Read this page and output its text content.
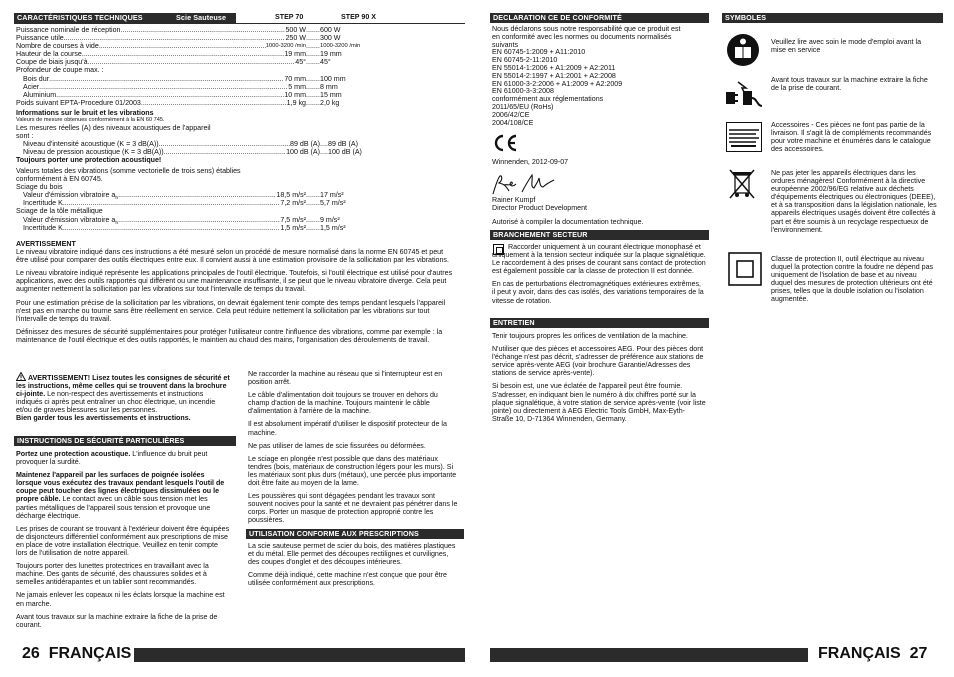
CARACTÉRISTIQUES TECHNIQUES	Scie Sauteuse	STEP 70	STEP 90 X
Puissance nominale de réception .....	500 W ..... 600 W
Puissance utile .....	250 W ..... 300 W
Nombre de courses à vide .....	1000-3200 /min ..... 1000-3200 /min
Hauteur de la course .....	19 mm ..... 19 mm
Coupe de biais jusqu'à .....	45° ..... 45°
Profondeur de coupe max. :
Bois dur .....	70 mm ..... 100 mm
Acier .....	5 mm ..... 8 mm
Aluminium .....	10 mm ..... 15 mm
Poids suivant EPTA-Procedure 01/2003 .....	1,9 kg ..... 2,0 kg
Informations sur le bruit et les vibrations
Valeurs de mesure obtenues conformément à la EN 60 745.
Les mesures réelles (A) des niveaux acoustiques de l'appareil sont :
Niveau d'intensité acoustique (K = 3 dB(A)) .....	89 dB (A) ..... 89 dB (A)
Niveau de pression acoustique (K = 3 dB(A)) .....	100 dB (A) ..... 100 dB (A)
Toujours porter une protection acoustique!
Valeurs totales des vibrations (somme vectorielle de trois sens) établies conformément à EN 60745.
Sciage du bois
Valeur d'émission vibratoire $a_h$ .....	18,5 m/s² ..... 17 m/s²
Incertitude K .....	7,2 m/s² ..... 5,7 m/s²
Sciage de la tôle métallique
Valeur d'émission vibratoire $a_h$ .....	7,5 m/s² ..... 9 m/s²
Incertitude K .....	1,5 m/s² ..... 1,5 m/s²
AVERTISSEMENT

Le niveau vibratoire indiqué dans ces instructions a été mesuré selon un procédé de mesure normalisé dans la norme EN 60745 et peut être utilisé pour comparer des outils électriques entre eux. Il convient aussi à une estimation provisoire de la sollicitation par les vibrations.

Le niveau vibratoire indiqué représente les applications principales de l'outil électrique. Toutefois, si l'outil électrique est utilisé pour d'autres applications, avec des outils rapportés qui diffèrent ou une maintenance insuffisante, il se peut que le niveau vibratoire diverge. Cela peut augmenter nettement la sollicitation par les vibrations sur tout l'intervalle de temps du travail.

Pour une estimation précise de la sollicitation par les vibrations, on devrait également tenir compte des temps pendant lesquels l'appareil n'est pas en marche ou tourne sans être réellement en service. Cela peut réduire nettement la sollicitation par les vibrations sur tout l'intervalle de temps du travail.

Définissez des mesures de sécurité supplémentaires pour protéger l'utilisateur contre l'influence des vibrations, comme par exemple : la maintenance de l'outil électrique et des outils rapportés, le maintien au chaud des mains, l'organisation des déroulements de travail.

AVERTISSEMENT! Lisez toutes les consignes de sécurité et les instructions, même celles qui se trouvent dans la brochure ci-jointe. Le non-respect des avertissements et instructions indiqués ci après peut entraîner un choc électrique, un incendie et/ou de graves blessures sur les personnes.
Bien garder tous les avertissements et instructions.

INSTRUCTIONS DE SÉCURITÉ PARTICULIÈRES

Portez une protection acoustique. L'influence du bruit peut provoquer la surdité.

Maintenez l'appareil par les surfaces de poignée isolées lorsque vous exécutez des travaux pendant lesquels l'outil de coupe peut toucher des lignes électriques dissimulées ou le propre câble. Le contact avec un câble sous tension met les parties métalliques de l'appareil sous tension et provoque une décharge électrique.

Les prises de courant se trouvant à l'extérieur doivent être équipées de disjoncteurs différentiel conformément aux prescriptions de mise en place de votre installation électrique. Veuillez en tenir compte lors de l'utilisation de notre appareil.

Toujours porter des lunettes protectrices en travaillant avec la machine. Des gants de sécurité, des chaussures solides et à semelles antidérapantes et un tablier sont recommandés.

Ne jamais enlever les copeaux ni les éclats lorsque la machine est en marche.

Avant tous travaux sur la machine extraire la fiche de la prise de courant.

Ne raccorder la machine au réseau que si l'interrupteur est en position arrêt.

Le câble d'alimentation doit toujours se trouver en dehors du champ d'action de la machine. Toujours maintenir le câble d'alimentation à l'arrière de la machine.

Il est absolument impératif d'utiliser le dispositif protecteur de la machine.

Ne pas utiliser de lames de scie fissurées ou déformées.

Le sciage en plongée n'est possible que dans des matériaux tendres (bois, matériaux de construction légers pour les murs). Si les matériaux sont plus durs (métaux), une percée plus importante doit être faite au moyen de la lame.

Les poussières qui sont dégagées pendant les travaux sont souvent nocives pour la santé et ne devraient pas pénétrer dans le corps. Porter un masque de protection approprié contre les poussières.

UTILISATION CONFORME AUX PRESCRIPTIONS

La scie sauteuse permet de scier du bois, des matières plastiques et du métal. Elle permet des découpes rectilignes et curvilignes, des coupes d'onglet et des découpes intérieures.

Comme déjà indiqué, cette machine n'est conçue que pour être utilisée conformément aux prescriptions.

26 FRANÇAIS
DECLARATION CE DE CONFORMITÉ
Nous déclarons sous notre responsabilité que ce produit est
en conformité avec les normes ou documents normalisés
suivants
EN 60745-1:2009 + A11:2010
EN 60745-2-11:2010
EN 55014-1:2006 + A1:2009 + A2:2011
EN 55014-2:1997 + A1:2001 + A2:2008
EN 61000-3-2:2006 + A1:2009 + A2:2009
EN 61000-3-3:2008
conformément aux réglementations
2011/65/EU (RoHs)
2006/42/CE
2004/108/CE
Winnenden, 2012-09-07
Rainer Kumpf
Director Product Development
Autorisé à compiler la documentation technique.
BRANCHEMENT SECTEUR

Raccorder uniquement à un courant électrique monophasé et uniquement à la tension secteur indiquée sur la plaque signalétique. Le raccordement à des prises de courant sans contact de protection est également possible car la classe de protection II est donnée.

En cas de perturbations électromagnétiques extérieures extrêmes, il peut y avoir, dans des cas isolés, des variations temporaires de la vitesse de rotation.

ENTRETIEN

Tenir toujours propres les orifices de ventilation de la machine.

N'utiliser que des pièces et accessoires AEG. Pour des pièces dont l'échange n'est pas décrit, s'adresser de préférence aux stations de service après-vente AEG (voir brochure Garantie/Adresses des stations de service après-vente).

Si besoin est, une vue éclatée de l'appareil peut être fournie. S'adresser, en indiquant bien le numéro à dix chiffres porté sur la plaque signalétique, à votre station de service après-vente (voir liste jointe) ou directement à AEG Electric Tools GmbH, Max-Eyth-Straße 10, D-71364 Winnenden, Germany.

SYMBOLES
Veuillez lire avec soin le mode d'emploi avant la mise en service
Avant tous travaux sur la machine extraire la fiche de la prise de courant.
Accessoires - Ces pièces ne font pas partie de la livraison. Il s'agit là de compléments recommandés pour votre machine et énumérés dans le catalogue des accessoires.
Ne pas jeter les appareils électriques dans les ordures ménagères! Conformément à la directive européenne 2002/96/EG relative aux déchets d'équipements électriques ou électroniques (DEEE), et à sa transposition dans la législation nationale, les appareils électriques usagés doivent être collectés à part et être soumis à un recyclage respectueux de l'environnement.
Classe de protection II, outil électrique au niveau duquel la protection contre la foudre ne dépend pas uniquement de l'isolation de base et au niveau duquel des mesures de protection ultérieurs ont été prises, telles que la double isolation ou l'isolation augmentée.
FRANÇAIS 27
